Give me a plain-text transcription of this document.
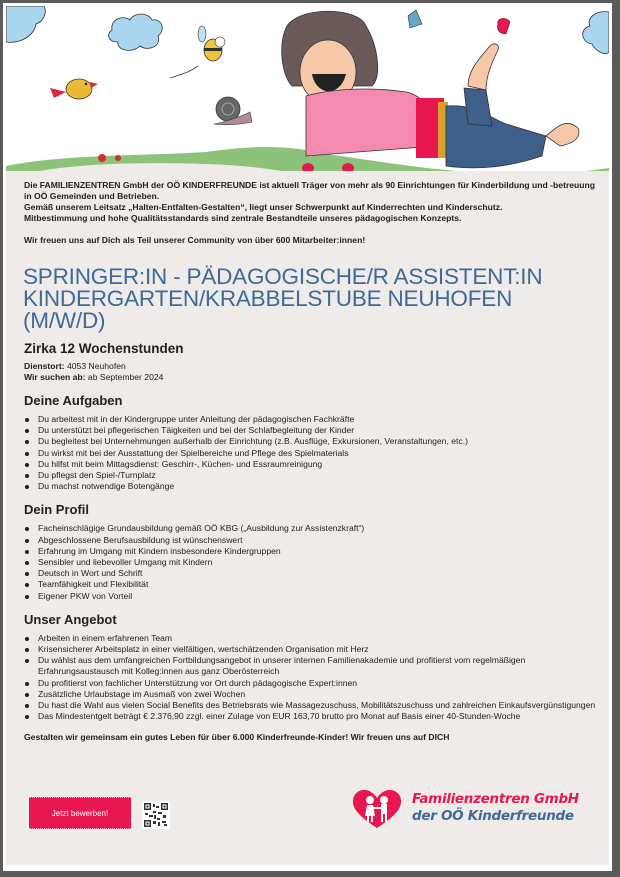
Die FAMILIENZENTREN GmbH der OÖ KINDERFREUNDE ist aktuell Träger von mehr als 90 Einrichtungen für Kinderbildung und -betreuung in OÖ Gemeinden und Betrieben.

Gemäß unserem Leitsatz „Halten-Entfalten-Gestalten“, liegt unser Schwerpunkt auf Kinderrechten und Kinderschutz.

Mitbestimmung und hohe Qualitätsstandards sind zentrale Bestandteile unseres pädagogischen Konzepts.

Wir freuen uns auf Dich als Teil unserer Community von über 600 Mitarbeiter:innen!

SPRINGER:IN - PÄDAGOGISCHE/R ASSISTENT:IN KINDERGARTEN/KRABBELSTUBE NEUHOFEN (M/W/D)
Zirka 12 Wochenstunden
Dienstort: 4053 Neuhofen
Wir suchen ab: ab September 2024
Deine Aufgaben
Du arbeitest mit in der Kindergruppe unter Anleitung der pädagogischen Fachkräfte
Du unterstützt bei pflegerischen Täigkeiten und bei der Schlafbegleitung der Kinder
Du begleitest bei Unternehmungen außerhalb der Einrichtung (z.B. Ausflüge, Exkursionen, Veranstaltungen, etc.)
Du wirkst mit bei der Ausstattung der Spielbereiche und Pflege des Spielmaterials
Du hilfst mit beim Mittagsdienst: Geschirr-, Küchen- und Essraumreinigung
Du pflegst den Spiel-/Turnplatz
Du machst notwendige Botengänge
Dein Profil
Facheinschlägige Grundausbildung gemäß OÖ KBG („Ausbildung zur Assistenzkraft“)
Abgeschlossene Berufsausbildung ist wünschenswert
Erfahrung im Umgang mit Kindern insbesondere Kindergruppen
Sensibler und liebevoller Umgang mit Kindern
Deutsch in Wort und Schrift
Teamfähigkeit und Flexibilität
Eigener PKW von Vorteil
Unser Angebot
Arbeiten in einem erfahrenen Team
Krisensicherer Arbeitsplatz in einer vielfältigen, wertschätzenden Organisation mit Herz
Du wählst aus dem umfangreichen Fortbildungsangebot in unserer internen Familienakademie und profitierst vom regelmäßigen Erfahrungsaustausch mit Kolleg:innen aus ganz Oberösterreich
Du profitierst von fachlicher Unterstützung vor Ort durch pädagogische Expert:innen
Zusätzliche Urlaubstage im Ausmaß von zwei Wochen
Du hast die Wahl aus vielen Social Benefits des Betriebsrats wie Massagezuschuss, Mobilitätszuschuss und zahlreichen Einkaufsvergünstigungen
Das Mindestentgelt beträgt € 2.376,90 zzgl. einer Zulage von EUR 163,70 brutto pro Monat auf Basis einer 40-Stunden-Woche
Gestalten wir gemeinsam ein gutes Leben für über 6.000 Kinderfreunde-Kinder! Wir freuen uns auf DICH
Jetzt bewerben!
Familienzentren GmbH
der OÖ Kinderfreunde
